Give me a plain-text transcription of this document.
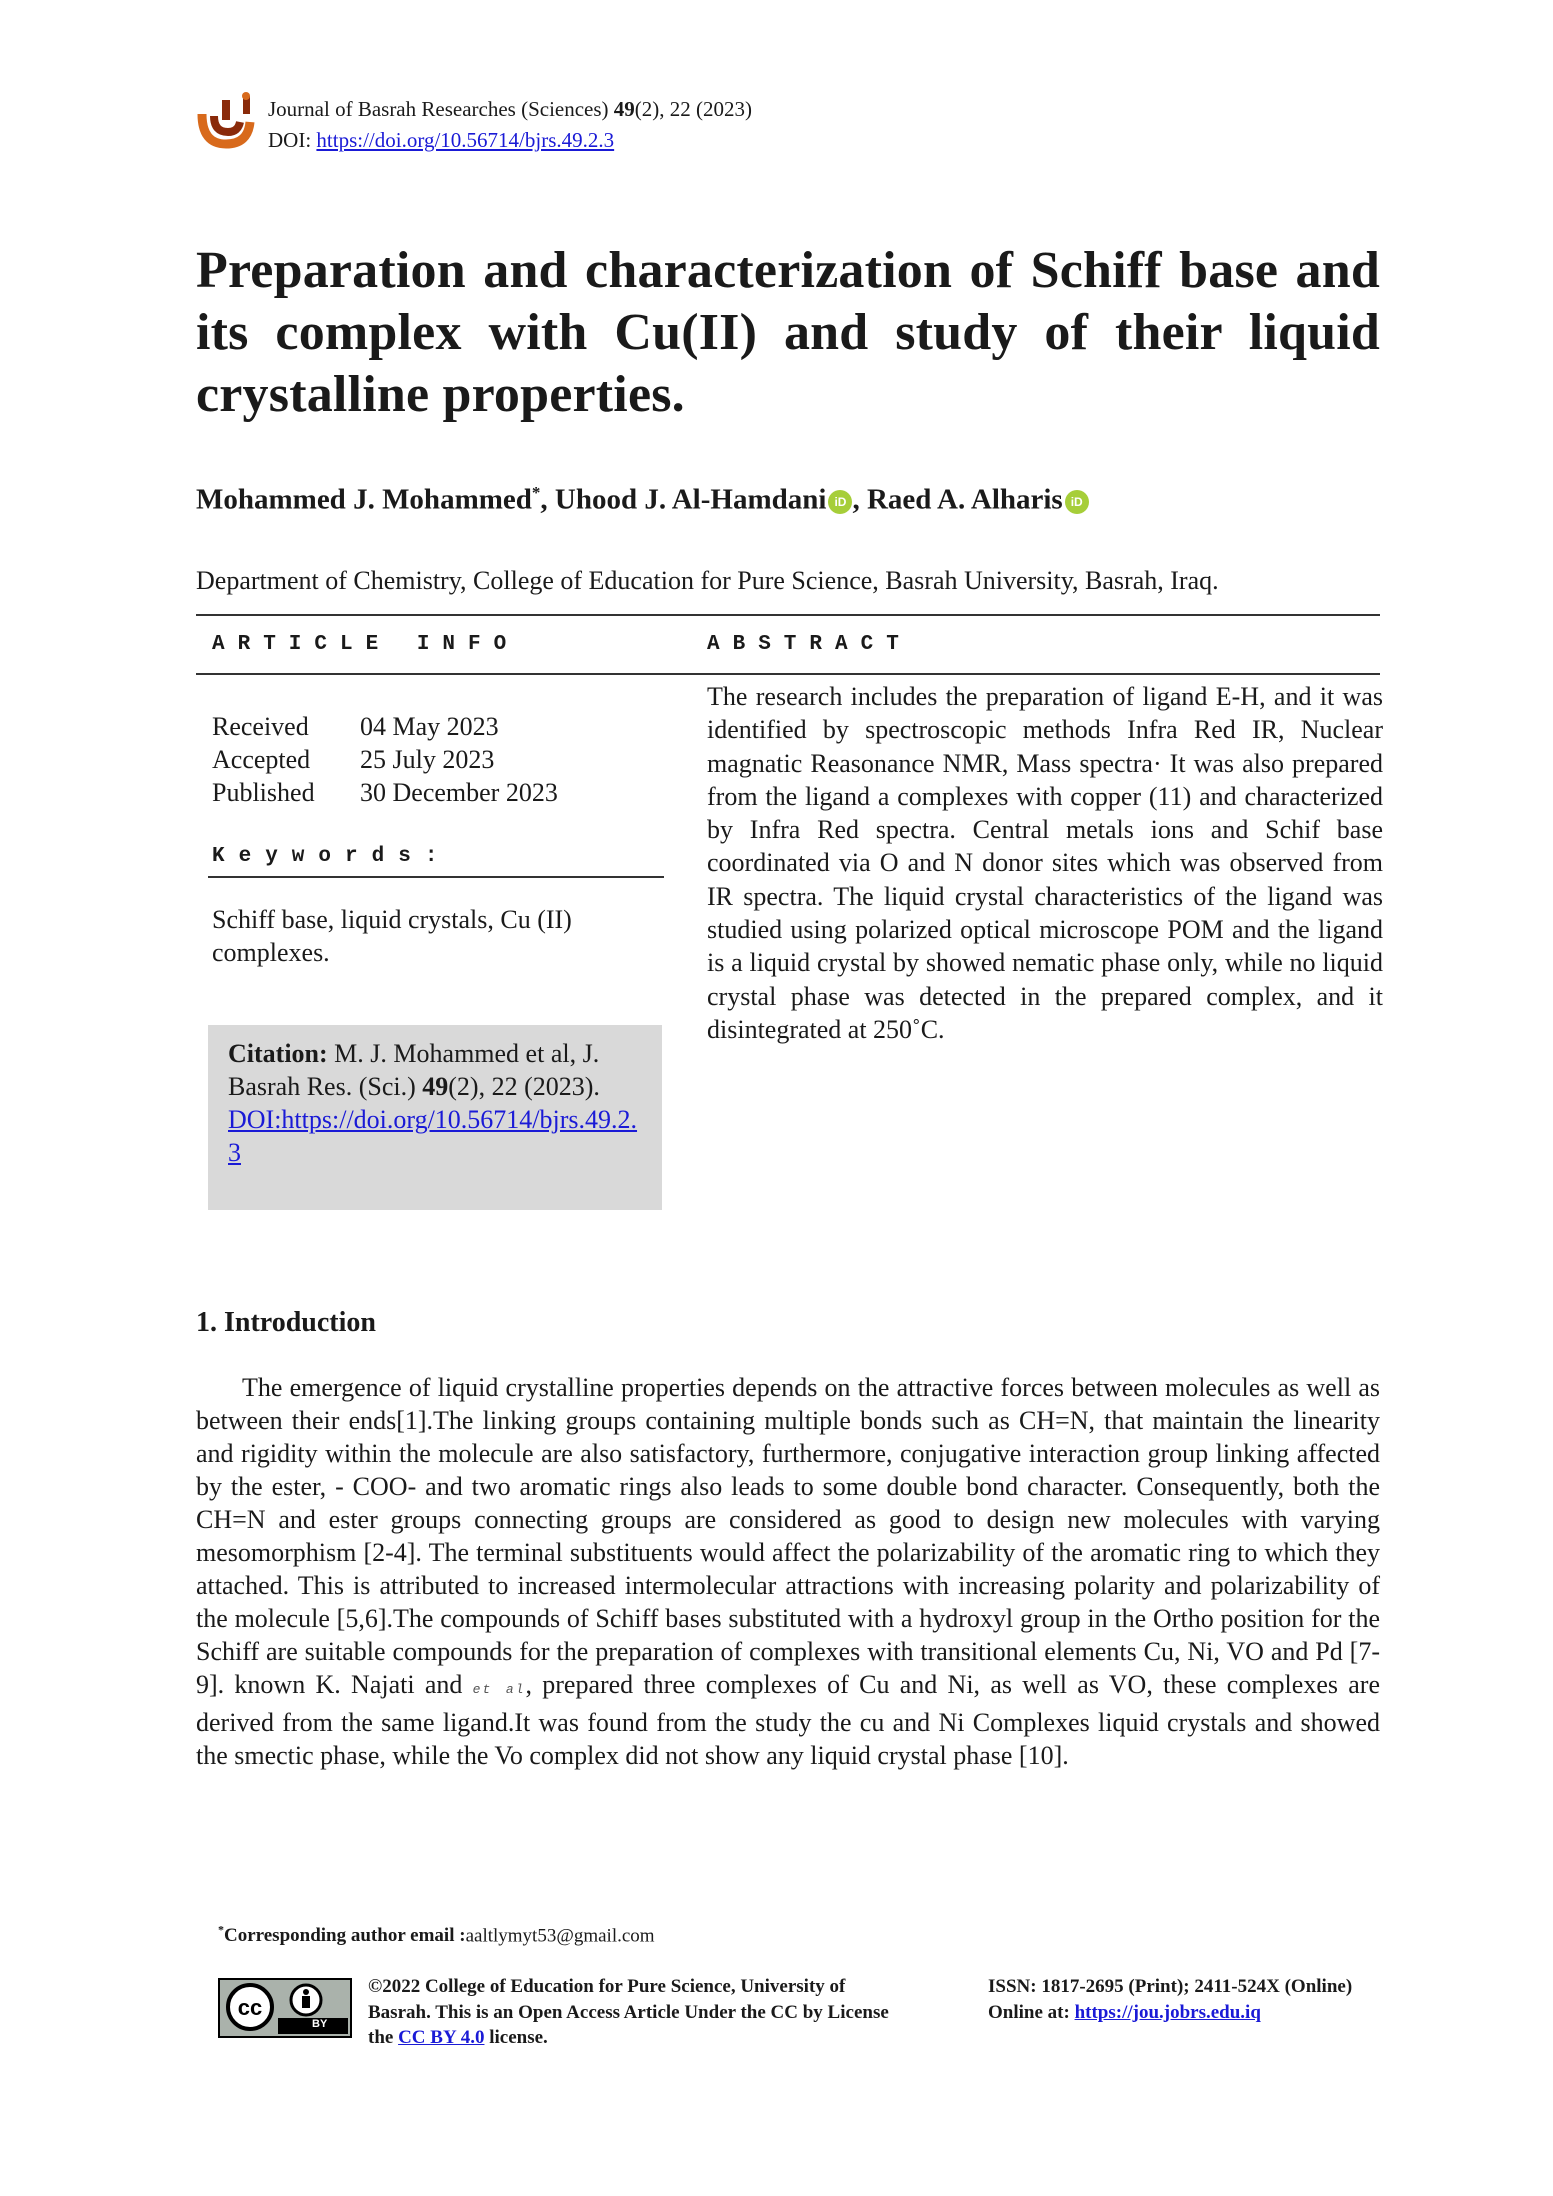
Journal of Basrah Researches (Sciences) 49(2), 22 (2023)
DOI: https://doi.org/10.56714/bjrs.49.2.3
Preparation and characterization of Schiff base and its complex with Cu(II) and study of their liquid crystalline properties.
Mohammed J. Mohammed*, Uhood J. Al-Hamdani iD , Raed A. Alharis iD
Department of Chemistry, College of Education for Pure Science, Basrah University, Basrah, Iraq.
ARTICLE INFO	ABSTRACT
Received	04 May 2023
Accepted	25 July 2023
Published	30 December 2023
Keywords:
Schiff base, liquid crystals, Cu (II) complexes.
Citation: M. J. Mohammed et al, J. Basrah Res. (Sci.) 49(2), 22 (2023).
DOI:https://doi.org/10.56714/bjrs.49.2.3
The research includes the preparation of ligand E-H, and it was identified by spectroscopic methods Infra Red IR, Nuclear magnatic Reasonance NMR, Mass spectra· It was also prepared from the ligand a complexes with copper (11) and characterized by Infra Red spectra. Central metals ions and Schif base coordinated via O and N donor sites which was observed from IR spectra. The liquid crystal characteristics of the ligand was studied using polarized optical microscope POM and the ligand is a liquid crystal by showed nematic phase only, while no liquid crystal phase was detected in the prepared complex, and it disintegrated at 250˚C.
1. Introduction
The emergence of liquid crystalline properties depends on the attractive forces between molecules as well as between their ends[1].The linking groups containing multiple bonds such as CH=N, that maintain the linearity and rigidity within the molecule are also satisfactory, furthermore, conjugative interaction group linking affected by the ester, - COO- and two aromatic rings also leads to some double bond character. Consequently, both the CH=N and ester groups connecting groups are considered as good to design new molecules with varying mesomorphism [2-4]. The terminal substituents would affect the polarizability of the aromatic ring to which they attached. This is attributed to increased intermolecular attractions with increasing polarity and polarizability of the molecule [5,6].The compounds of Schiff bases substituted with a hydroxyl group in the Ortho position for the Schiff are suitable compounds for the preparation of complexes with transitional elements Cu, Ni, VO and Pd [7-9]. known K. Najati and et al, prepared three complexes of Cu and Ni, as well as VO, these complexes are derived from the same ligand.It was found from the study the cu and Ni Complexes liquid crystals and showed the smectic phase, while the Vo complex did not show any liquid crystal phase [10].
*Corresponding author email :aaltlymyt53@gmail.com
cc
BY
©2022 College of Education for Pure Science, University of Basrah. This is an Open Access Article Under the CC by License the CC BY 4.0 license.
ISSN: 1817-2695 (Print); 2411-524X (Online)
Online at: https://jou.jobrs.edu.iq
